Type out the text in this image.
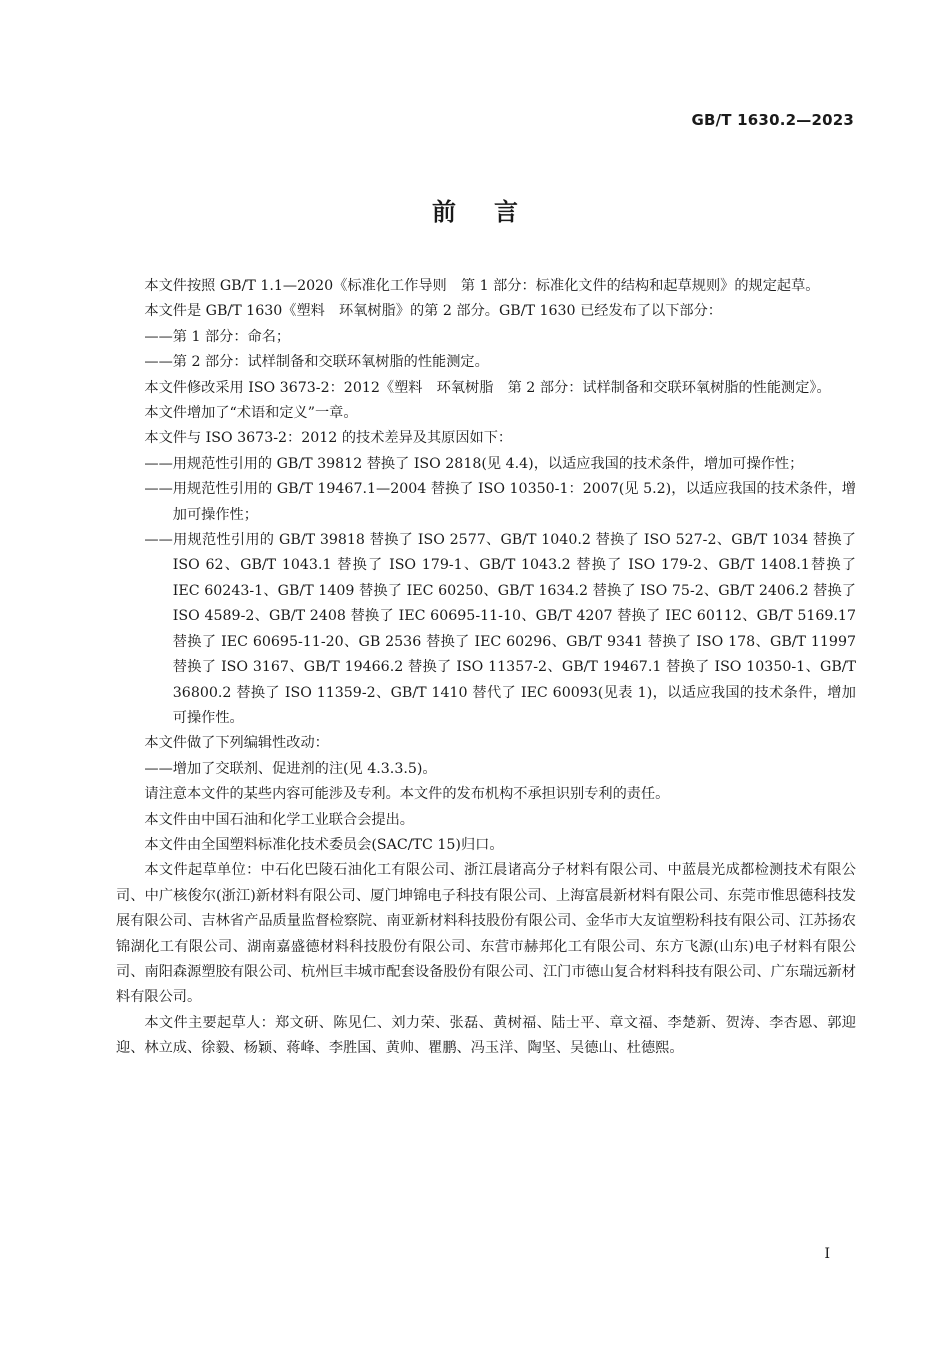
GB/T 1630.2—2023
前言

本文件按照 GB/T 1.1—2020《标准化工作导则　第 1 部分：标准化文件的结构和起草规则》的规定起草。

本文件是 GB/T 1630《塑料　环氧树脂》的第 2 部分。GB/T 1630 已经发布了以下部分：

——第 1 部分：命名；

——第 2 部分：试样制备和交联环氧树脂的性能测定。

本文件修改采用 ISO 3673-2：2012《塑料　环氧树脂　第 2 部分：试样制备和交联环氧树脂的性能测定》。

本文件增加了“术语和定义”一章。

本文件与 ISO 3673-2：2012 的技术差异及其原因如下：

——用规范性引用的 GB/T 39812 替换了 ISO 2818(见 4.4)，以适应我国的技术条件，增加可操作性；

——用规范性引用的 GB/T 19467.1—2004 替换了 ISO 10350-1：2007(见 5.2)，以适应我国的技术条件，增加可操作性；

——用规范性引用的 GB/T 39818 替换了 ISO 2577、GB/T 1040.2 替换了 ISO 527-2、GB/T 1034 替换了 ISO 62、GB/T 1043.1 替换了 ISO 179-1、GB/T 1043.2 替换了 ISO 179-2、GB/T 1408.1替换了 IEC 60243-1、GB/T 1409 替换了 IEC 60250、GB/T 1634.2 替换了 ISO 75-2、GB/T 2406.2 替换了ISO 4589-2、GB/T 2408 替换了 IEC 60695-11-10、GB/T 4207 替换了 IEC 60112、GB/T 5169.17替换了 IEC 60695-11-20、GB 2536 替换了 IEC 60296、GB/T 9341 替换了 ISO 178、GB/T 11997 替换了 ISO 3167、GB/T 19466.2 替换了 ISO 11357-2、GB/T 19467.1 替换了 ISO 10350-1、GB/T 36800.2 替换了 ISO 11359-2、GB/T 1410 替代了 IEC 60093(见表 1)，以适应我国的技术条件，增加可操作性。

本文件做了下列编辑性改动：

——增加了交联剂、促进剂的注(见 4.3.3.5)。

请注意本文件的某些内容可能涉及专利。本文件的发布机构不承担识别专利的责任。

本文件由中国石油和化学工业联合会提出。

本文件由全国塑料标准化技术委员会(SAC/TC 15)归口。

本文件起草单位：中石化巴陵石油化工有限公司、浙江晨诸高分子材料有限公司、中蓝晨光成都检测技术有限公司、中广核俊尔(浙江)新材料有限公司、厦门坤锦电子科技有限公司、上海富晨新材料有限公司、东莞市惟思德科技发展有限公司、吉林省产品质量监督检察院、南亚新材料科技股份有限公司、金华市大友谊塑粉科技有限公司、江苏扬农锦湖化工有限公司、湖南嘉盛德材料科技股份有限公司、东营市赫邦化工有限公司、东方飞源(山东)电子材料有限公司、南阳森源塑胶有限公司、杭州巨丰城市配套设备股份有限公司、江门市德山复合材料科技有限公司、广东瑞远新材料有限公司。

本文件主要起草人：郑文研、陈见仁、刘力荣、张磊、黄树福、陆士平、章文福、李楚新、贺涛、李杏恩、郭迎迎、林立成、徐毅、杨颖、蒋峰、李胜国、黄帅、瞿鹏、冯玉洋、陶坚、吴德山、杜德熙。

I
